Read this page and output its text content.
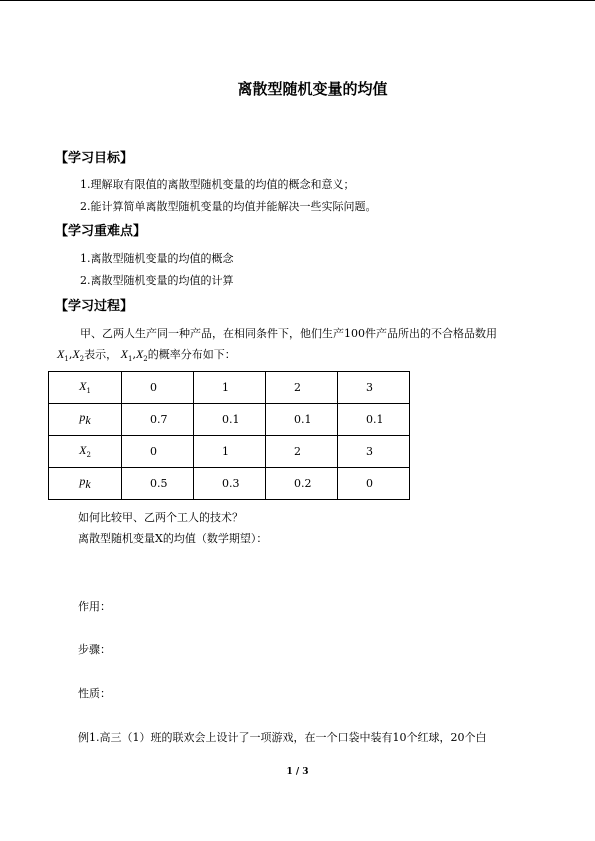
离散型随机变量的均值
【学习目标】
1.理解取有限值的离散型随机变量的均值的概念和意义；
2.能计算简单离散型随机变量的均值并能解决一些实际问题。
【学习重难点】
1.离散型随机变量的均值的概念
2.离散型随机变量的均值的计算
【学习过程】
甲、乙两人生产同一种产品，在相同条件下，他们生产100件产品所出的不合格品数用
$X_1,X_2$表示， $X_1,X_2$的概率分布如下：
$X_1$	0	1	2	3
$p_k$	0.7	0.1	0.1	0.1
$X_2$	0	1	2	3
$p_k$	0.5	0.3	0.2	0
如何比较甲、乙两个工人的技术？
离散型随机变量X的均值（数学期望）：
作用：
步骤：
性质：
例1.高三（1）班的联欢会上设计了一项游戏，在一个口袋中装有10个红球，20个白
1 / 3
